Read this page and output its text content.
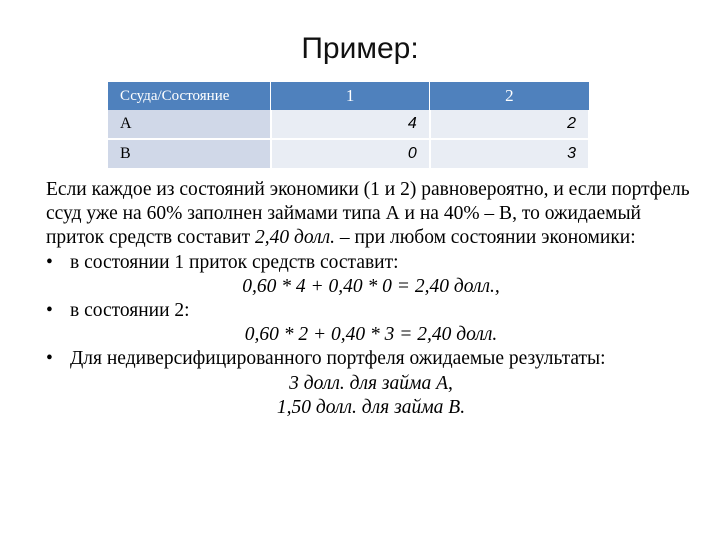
Пример:
Ссуда/Состояние	1	2
A	4	2
B	0	3

Если каждое из состояний экономики (1 и 2) равновероятно, и если портфель ссуд уже на 60% заполнен займами типа А и на 40% – В, то ожидаемый приток средств составит 2,40 долл. – при любом состоянии экономики:

• в состоянии 1 приток средств составит:

0,60 * 4 + 0,40 * 0 = 2,40 долл.,

• в состоянии 2:

0,60 * 2 + 0,40 * 3 = 2,40 долл.

• Для недиверсифицированного портфеля ожидаемые результаты:

3 долл. для займа А,

1,50 долл. для займа В.
